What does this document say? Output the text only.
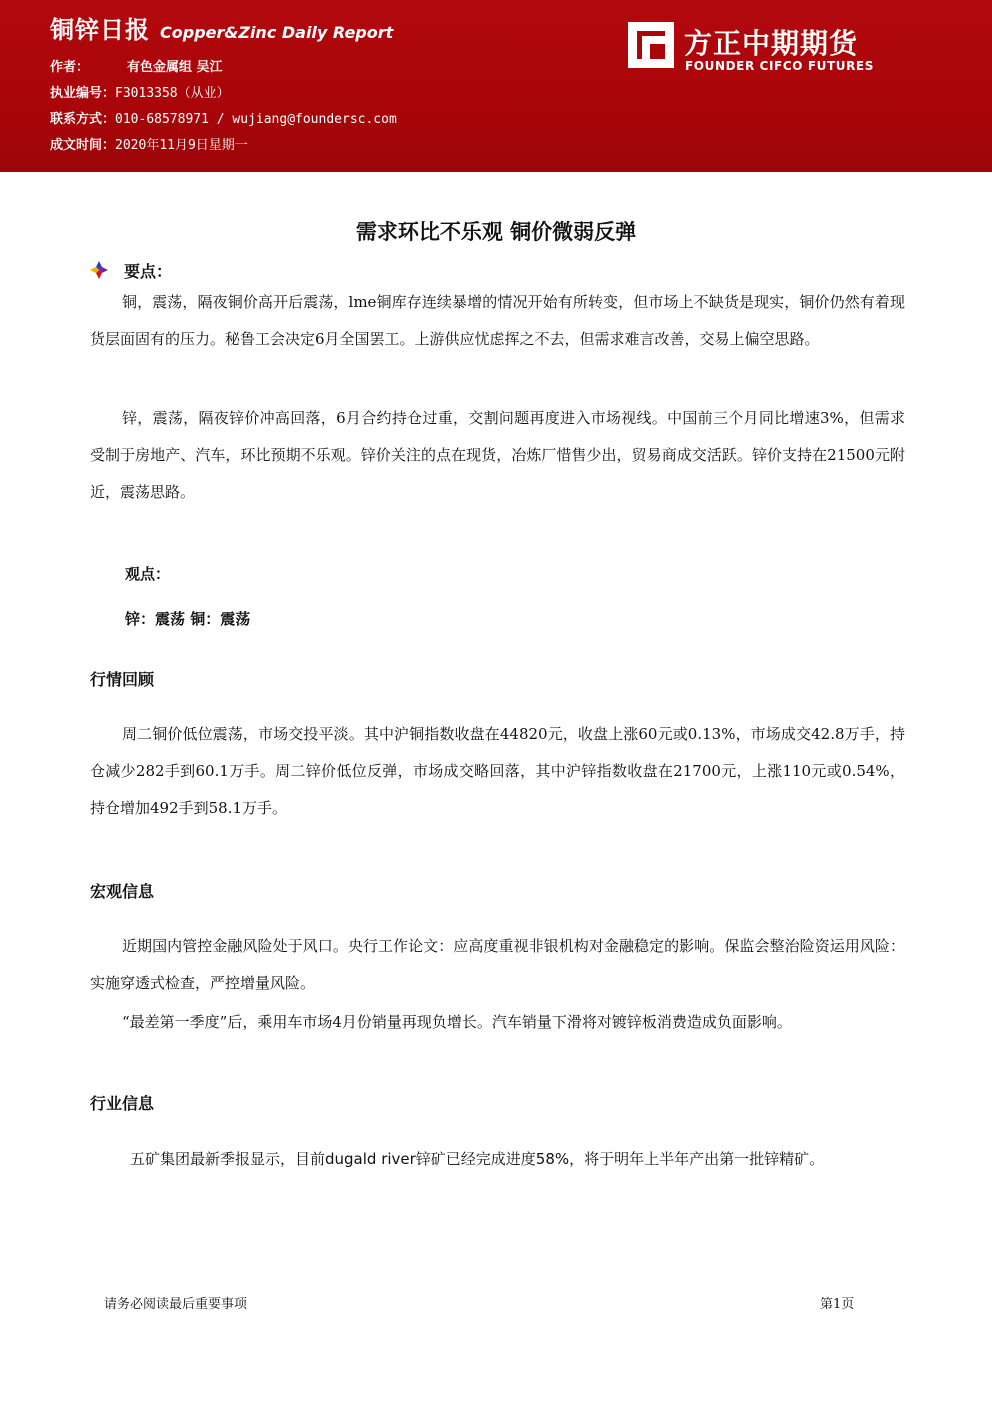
铜锌日报 Copper&Zinc Daily Report
作者：	有色金属组 吴江
执业编号：F3013358（从业）
联系方式：010-68578971 / wujiang@foundersc.com
成文时间：2020年11月9日星期一
方正中期期货
FOUNDER CIFCO FUTURES
需求环比不乐观 铜价微弱反弹
要点：
铜，震荡，隔夜铜价高开后震荡，lme铜库存连续暴增的情况开始有所转变，但市场上不缺货是现实，铜价仍然有着现货层面固有的压力。秘鲁工会决定6月全国罢工。上游供应忧虑挥之不去，但需求难言改善，交易上偏空思路。
锌，震荡，隔夜锌价冲高回落，6月合约持仓过重，交割问题再度进入市场视线。中国前三个月同比增速3%，但需求受制于房地产、汽车，环比预期不乐观。锌价关注的点在现货，冶炼厂惜售少出，贸易商成交活跃。锌价支持在21500元附近，震荡思路。
观点：
锌：震荡 铜：震荡
行情回顾
周二铜价低位震荡，市场交投平淡。其中沪铜指数收盘在44820元，收盘上涨60元或0.13%，市场成交42.8万手，持仓减少282手到60.1万手。周二锌价低位反弹，市场成交略回落，其中沪锌指数收盘在21700元，上涨110元或0.54%，持仓增加492手到58.1万手。
宏观信息
近期国内管控金融风险处于风口。央行工作论文：应高度重视非银机构对金融稳定的影响。保监会整治险资运用风险：实施穿透式检查，严控增量风险。
“最差第一季度”后，乘用车市场4月份销量再现负增长。汽车销量下滑将对镀锌板消费造成负面影响。
行业信息
五矿集团最新季报显示，目前dugald river锌矿已经完成进度58%，将于明年上半年产出第一批锌精矿。
请务必阅读最后重要事项	第1页
